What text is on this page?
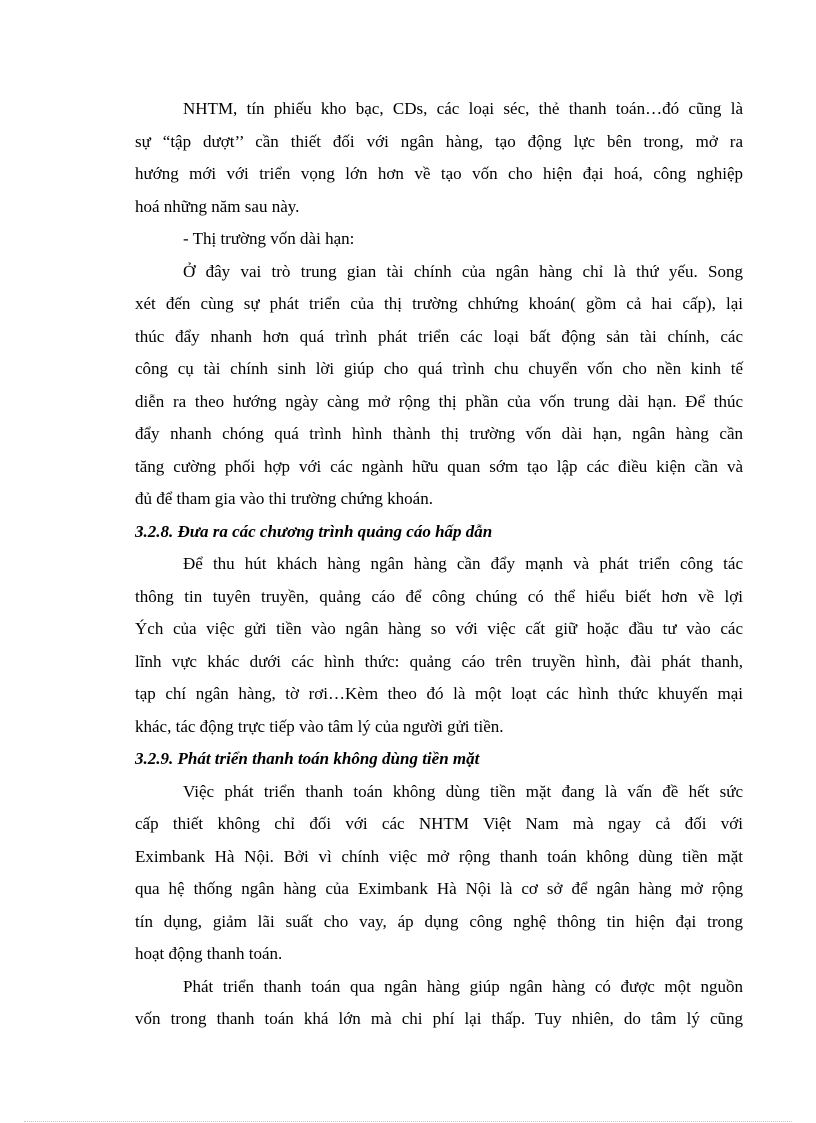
NHTM, tín phiếu kho bạc, CDs, các loại séc, thẻ thanh toán…đó cũng là
sự “tập dượt’’ cần thiết đối với ngân hàng, tạo động lực bên trong, mở ra
hướng mới với triển vọng lớn hơn về tạo vốn cho hiện đại hoá, công nghiệp
hoá những năm sau này.
- Thị trường vốn dài hạn:
Ở đây vai trò trung gian tài chính của ngân hàng chỉ là thứ yếu. Song
xét đến cùng sự phát triển của thị trường chhứng khoán( gồm cả hai cấp), lại
thúc đẩy nhanh hơn quá trình phát triển các loại bất động sản tài chính, các
công cụ tài chính sinh lời giúp cho quá trình chu chuyển vốn cho nền kinh tế
diễn ra theo hướng ngày càng mở rộng thị phần của vốn trung dài hạn. Để thúc
đẩy nhanh chóng quá trình hình thành thị trường vốn dài hạn, ngân hàng cần
tăng cường phối hợp với các ngành hữu quan sớm tạo lập các điều kiện cần và
đủ để tham gia vào thi trường chứng khoán.
3.2.8. Đưa ra các chương trình quảng cáo hấp dẫn
Để thu hút khách hàng ngân hàng cần đẩy mạnh và phát triển công tác
thông tin tuyên truyền, quảng cáo để công chúng có thể hiểu biết hơn về lợi
Ých của việc gửi tiền vào ngân hàng so với việc cất giữ hoặc đầu tư vào các
lĩnh vực khác dưới các hình thức: quảng cáo trên truyền hình, đài phát thanh,
tạp chí ngân hàng, tờ rơi…Kèm theo đó là một loạt các hình thức khuyến mại
khác, tác động trực tiếp vào tâm lý của người gửi tiền.
3.2.9. Phát triển thanh toán không dùng tiền mặt
Việc phát triển thanh toán không dùng tiền mặt đang là vấn đề hết sức
cấp thiết không chỉ đối với các NHTM Việt Nam mà ngay cả đối với
Eximbank Hà Nội. Bởi vì chính việc mở rộng thanh toán không dùng tiền mặt
qua hệ thống ngân hàng của Eximbank Hà Nội là cơ sở để ngân hàng mở rộng
tín dụng, giảm lãi suất cho vay, áp dụng công nghệ thông tin hiện đại trong
hoạt động thanh toán.
Phát triển thanh toán qua ngân hàng giúp ngân hàng có được một nguồn
vốn trong thanh toán khá lớn mà chi phí lại thấp. Tuy nhiên, do tâm lý cũng
